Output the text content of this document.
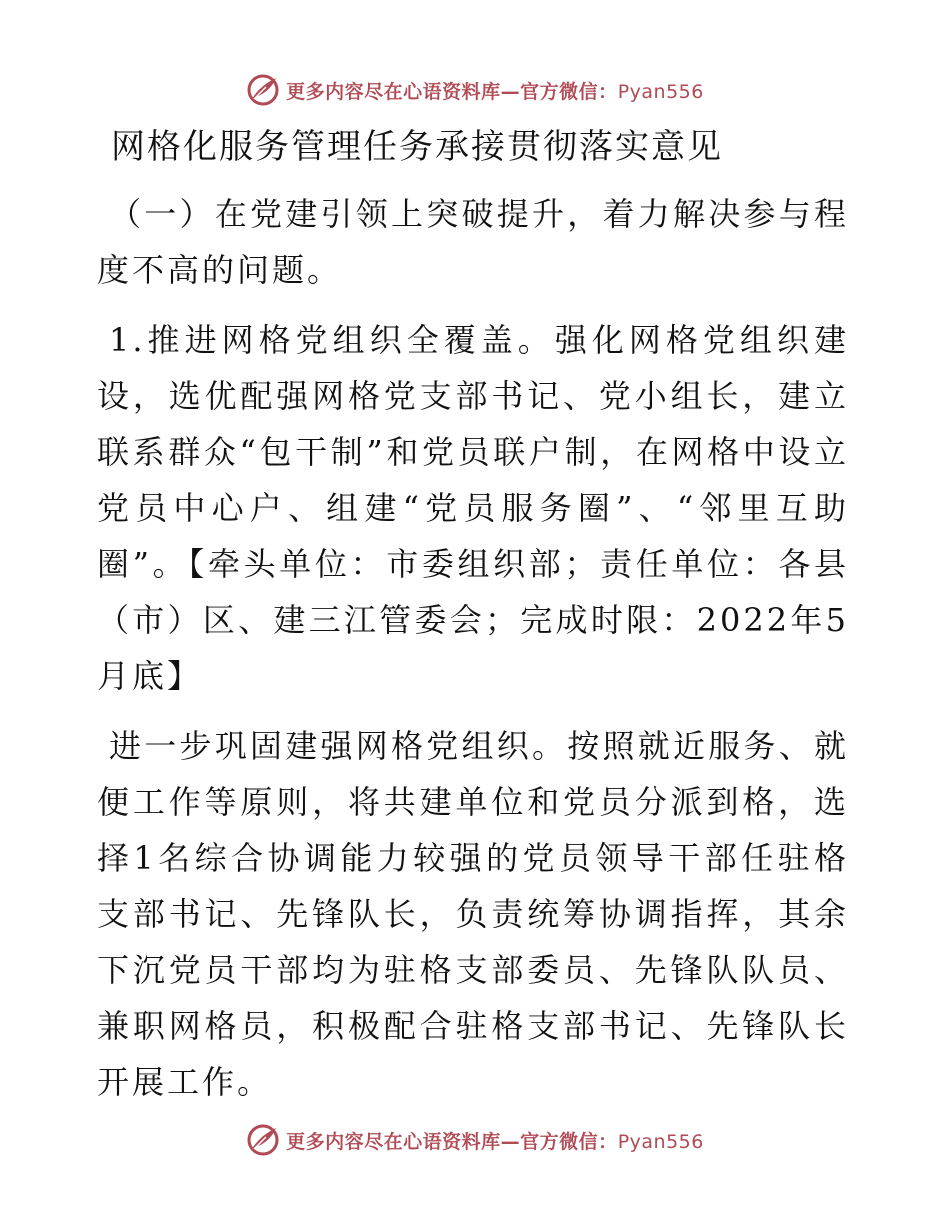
更多内容尽在心语资料库—官方微信：Pyan556
网格化服务管理任务承接贯彻落实意见

（一）在党建引领上突破提升，着力解决参与程度不高的问题。

1.推进网格党组织全覆盖。强化网格党组织建设，选优配强网格党支部书记、党小组长，建立联系群众“包干制”和党员联户制，在网格中设立党员中心户、组建“党员服务圈”、“邻里互助圈”。【牵头单位：市委组织部；责任单位：各县（市）区、建三江管委会；完成时限：2022年5月底】

进一步巩固建强网格党组织。按照就近服务、就便工作等原则，将共建单位和党员分派到格，选择1名综合协调能力较强的党员领导干部任驻格支部书记、先锋队长，负责统筹协调指挥，其余下沉党员干部均为驻格支部委员、先锋队队员、兼职网格员，积极配合驻格支部书记、先锋队长开展工作。

更多内容尽在心语资料库—官方微信：Pyan556
